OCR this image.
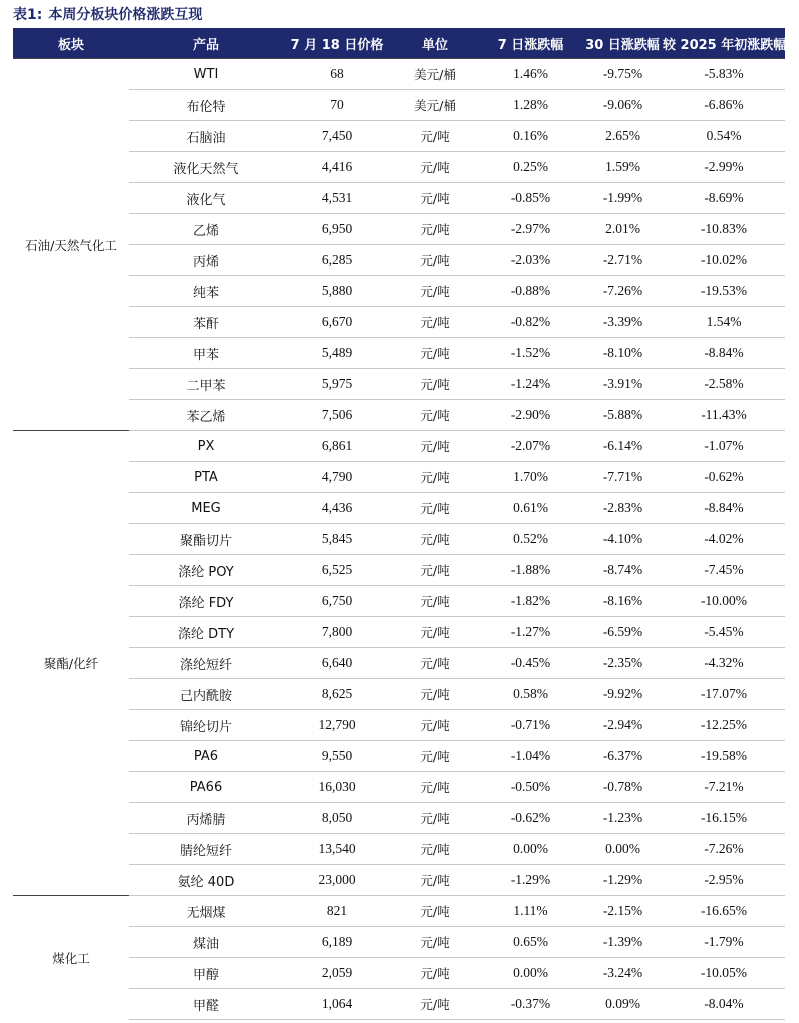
表1: 本周分板块价格涨跌互现
板块	产品	7 月 18 日价格	单位	7 日涨跌幅	30 日涨跌幅	较 2025 年初涨跌幅
石油/天然气化工	WTI	68	美元/桶	1.46%	-9.75%	-5.83%
	布伦特	70	美元/桶	1.28%	-9.06%	-6.86%
	石脑油	7,450	元/吨	0.16%	2.65%	0.54%
	液化天然气	4,416	元/吨	0.25%	1.59%	-2.99%
	液化气	4,531	元/吨	-0.85%	-1.99%	-8.69%
	乙烯	6,950	元/吨	-2.97%	2.01%	-10.83%
	丙烯	6,285	元/吨	-2.03%	-2.71%	-10.02%
	纯苯	5,880	元/吨	-0.88%	-7.26%	-19.53%
	苯酐	6,670	元/吨	-0.82%	-3.39%	1.54%
	甲苯	5,489	元/吨	-1.52%	-8.10%	-8.84%
	二甲苯	5,975	元/吨	-1.24%	-3.91%	-2.58%
	苯乙烯	7,506	元/吨	-2.90%	-5.88%	-11.43%
聚酯/化纤	PX	6,861	元/吨	-2.07%	-6.14%	-1.07%
	PTA	4,790	元/吨	1.70%	-7.71%	-0.62%
	MEG	4,436	元/吨	0.61%	-2.83%	-8.84%
	聚酯切片	5,845	元/吨	0.52%	-4.10%	-4.02%
	涤纶 POY	6,525	元/吨	-1.88%	-8.74%	-7.45%
	涤纶 FDY	6,750	元/吨	-1.82%	-8.16%	-10.00%
	涤纶 DTY	7,800	元/吨	-1.27%	-6.59%	-5.45%
	涤纶短纤	6,640	元/吨	-0.45%	-2.35%	-4.32%
	己内酰胺	8,625	元/吨	0.58%	-9.92%	-17.07%
	锦纶切片	12,790	元/吨	-0.71%	-2.94%	-12.25%
	PA6	9,550	元/吨	-1.04%	-6.37%	-19.58%
	PA66	16,030	元/吨	-0.50%	-0.78%	-7.21%
	丙烯腈	8,050	元/吨	-0.62%	-1.23%	-16.15%
	腈纶短纤	13,540	元/吨	0.00%	0.00%	-7.26%
	氨纶 40D	23,000	元/吨	-1.29%	-1.29%	-2.95%
煤化工	无烟煤	821	元/吨	1.11%	-2.15%	-16.65%
	煤油	6,189	元/吨	0.65%	-1.39%	-1.79%
	甲醇	2,059	元/吨	0.00%	-3.24%	-10.05%
	甲醛	1,064	元/吨	-0.37%	0.09%	-8.04%
